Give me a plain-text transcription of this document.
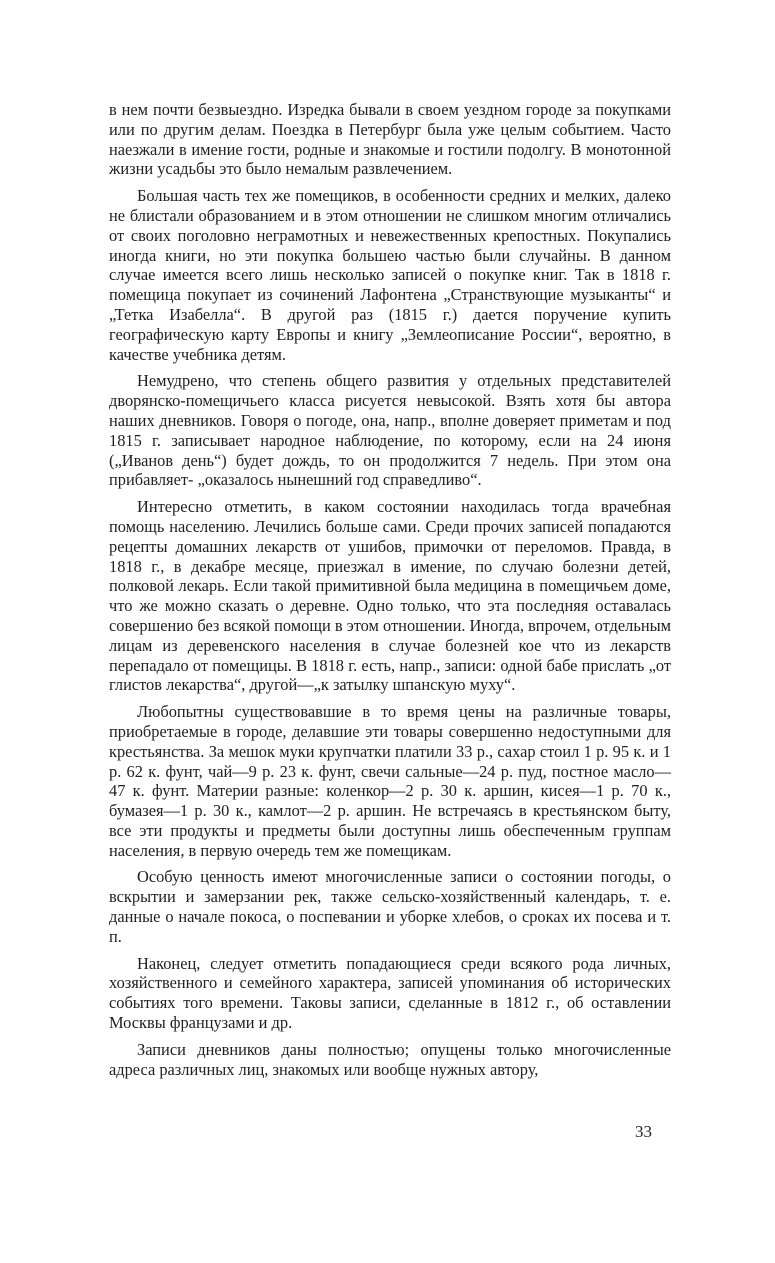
в нем почти безвыездно. Изредка бывали в своем уездном городе за покупками или по другим делам. Поездка в Петербург была уже целым событием. Часто наезжали в имение гости, родные и знакомые и гостили подолгу. В монотонной жизни усадьбы это было немалым развлечением.

Большая часть тех же помещиков, в особенности средних и мелких, далеко не блистали образованием и в этом отношении не слишком многим отличались от своих поголовно неграмотных и невежественных крепостных. Покупались иногда книги, но эти покупка большею частью были случайны. В данном случае имеется всего лишь несколько записей о покупке книг. Так в 1818 г. помещица покупает из сочинений Лафонтена „Странствующие музыканты“ и „Тетка Изабелла“. В другой раз (1815 г.) дается поручение купить географическую карту Европы и книгу „Землеописание России“, вероятно, в качестве учебника детям.

Немудрено, что степень общего развития у отдельных представителей дворянско-помещичьего класса рисуется невысокой. Взять хотя бы автора наших дневников. Говоря о погоде, она, напр., вполне доверяет приметам и под 1815 г. записывает народное наблюдение, по которому, если на 24 июня („Иванов день“) будет дождь, то он продолжится 7 недель. При этом она прибавляет- „оказалось нынешний год справедливо“.

Интересно отметить, в каком состоянии находилась тогда врачебная помощь населению. Лечились больше сами. Среди прочих записей попадаются рецепты домашних лекарств от ушибов, примочки от переломов. Правда, в 1818 г., в декабре месяце, приезжал в имение, по случаю болезни детей, полковой лекарь. Если такой примитивной была медицина в помещичьем доме, что же можно сказать о деревне. Одно только, что эта последняя оставалась совершенио без всякой помощи в этом отношении. Иногда, впрочем, отдельным лицам из деревенского населения в случае болезней кое что из лекарств перепадало от помещицы. В 1818 г. есть, напр., записи: одной бабе прислать „от глистов лекарства“, другой—„к затылку шпанскую муху“.

Любопытны существовавшие в то время цены на различные товары, приобретаемые в городе, делавшие эти товары совершенно недоступными для крестьянства. За мешок муки крупчатки платили 33 р., сахар стоил 1 р. 95 к. и 1 р. 62 к. фунт, чай—9 р. 23 к. фунт, свечи сальные—24 р. пуд, постное масло—47 к. фунт. Материи разные: коленкор—2 р. 30 к. аршин, кисея—1 р. 70 к., бумазея—1 р. 30 к., камлот—2 р. аршин. Не встречаясь в крестьянском быту, все эти продукты и предметы были доступны лишь обеспеченным группам населения, в первую очередь тем же помещикам.

Особую ценность имеют многочисленные записи о состоянии погоды, о вскрытии и замерзании рек, также сельско-хозяйственный календарь, т. е. данные о начале покоса, о поспевании и уборке хлебов, о сроках их посева и т. п.

Наконец, следует отметить попадающиеся среди всякого рода личных, хозяйственного и семейного характера, записей упоминания об исторических событиях того времени. Таковы записи, сделанные в 1812 г., об оставлении Москвы французами и др.

Записи дневников даны полностью; опущены только многочисленные адреса различных лиц, знакомых или вообще нужных автору,

33
